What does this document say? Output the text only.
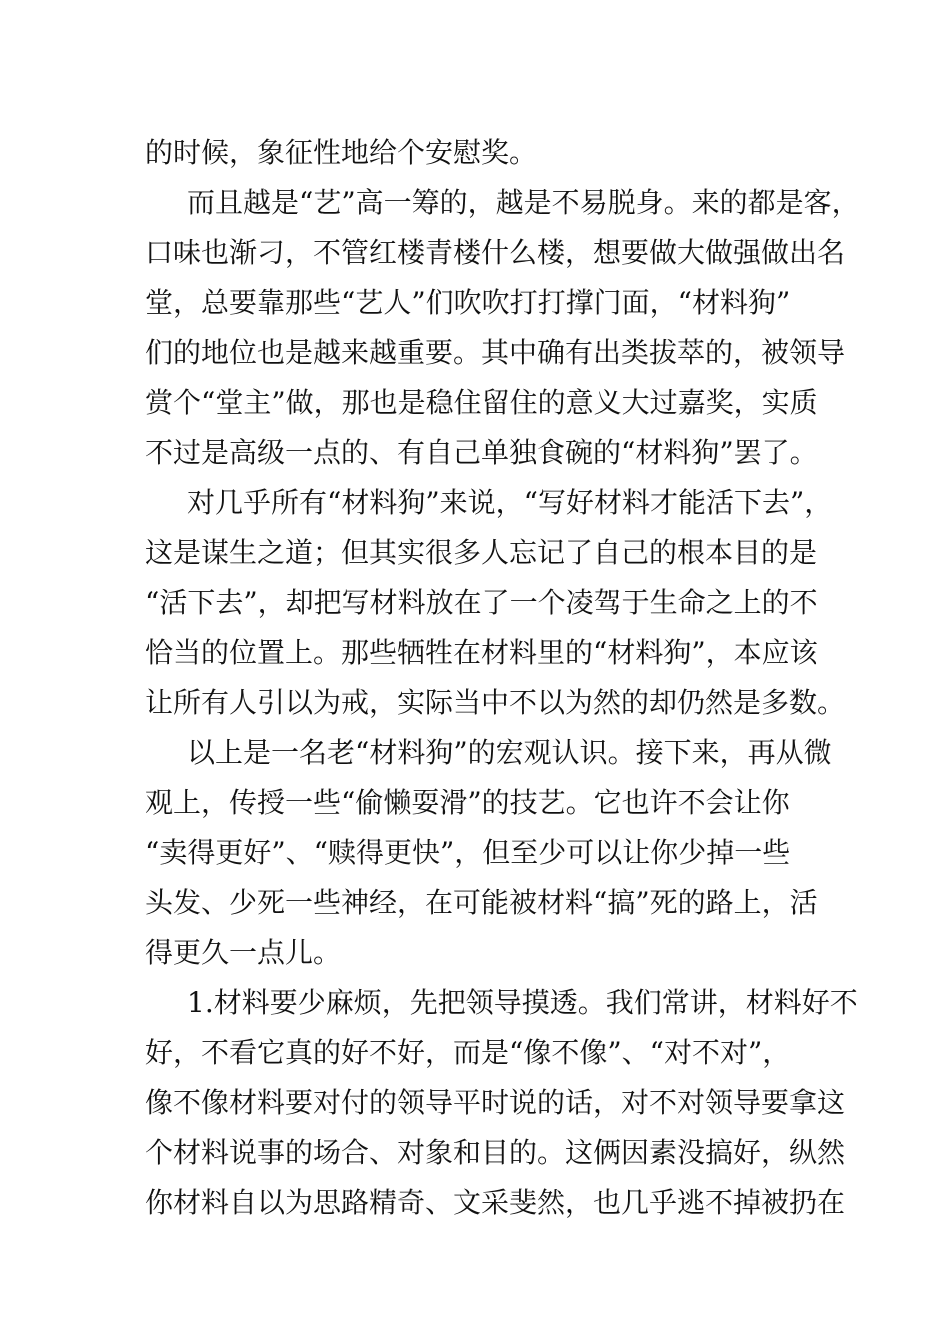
的时候，象征性地给个安慰奖。
而且越是“艺”高一筹的，越是不易脱身。来的都是客，
口味也渐刁，不管红楼青楼什么楼，想要做大做强做出名
堂，总要靠那些“艺人”们吹吹打打撑门面，“材料狗”
们的地位也是越来越重要。其中确有出类拔萃的，被领导
赏个“堂主”做，那也是稳住留住的意义大过嘉奖，实质
不过是高级一点的、有自己单独食碗的“材料狗”罢了。
对几乎所有“材料狗”来说，“写好材料才能活下去”，
这是谋生之道；但其实很多人忘记了自己的根本目的是
“活下去”，却把写材料放在了一个凌驾于生命之上的不
恰当的位置上。那些牺牲在材料里的“材料狗”，本应该
让所有人引以为戒，实际当中不以为然的却仍然是多数。
以上是一名老“材料狗”的宏观认识。接下来，再从微
观上，传授一些“偷懒耍滑”的技艺。它也许不会让你
“卖得更好”、“赎得更快”，但至少可以让你少掉一些
头发、少死一些神经，在可能被材料“搞”死的路上，活
得更久一点儿。
1.材料要少麻烦，先把领导摸透。我们常讲，材料好不
好，不看它真的好不好，而是“像不像”、“对不对”，
像不像材料要对付的领导平时说的话，对不对领导要拿这
个材料说事的场合、对象和目的。这俩因素没搞好，纵然
你材料自以为思路精奇、文采斐然，也几乎逃不掉被扔在
